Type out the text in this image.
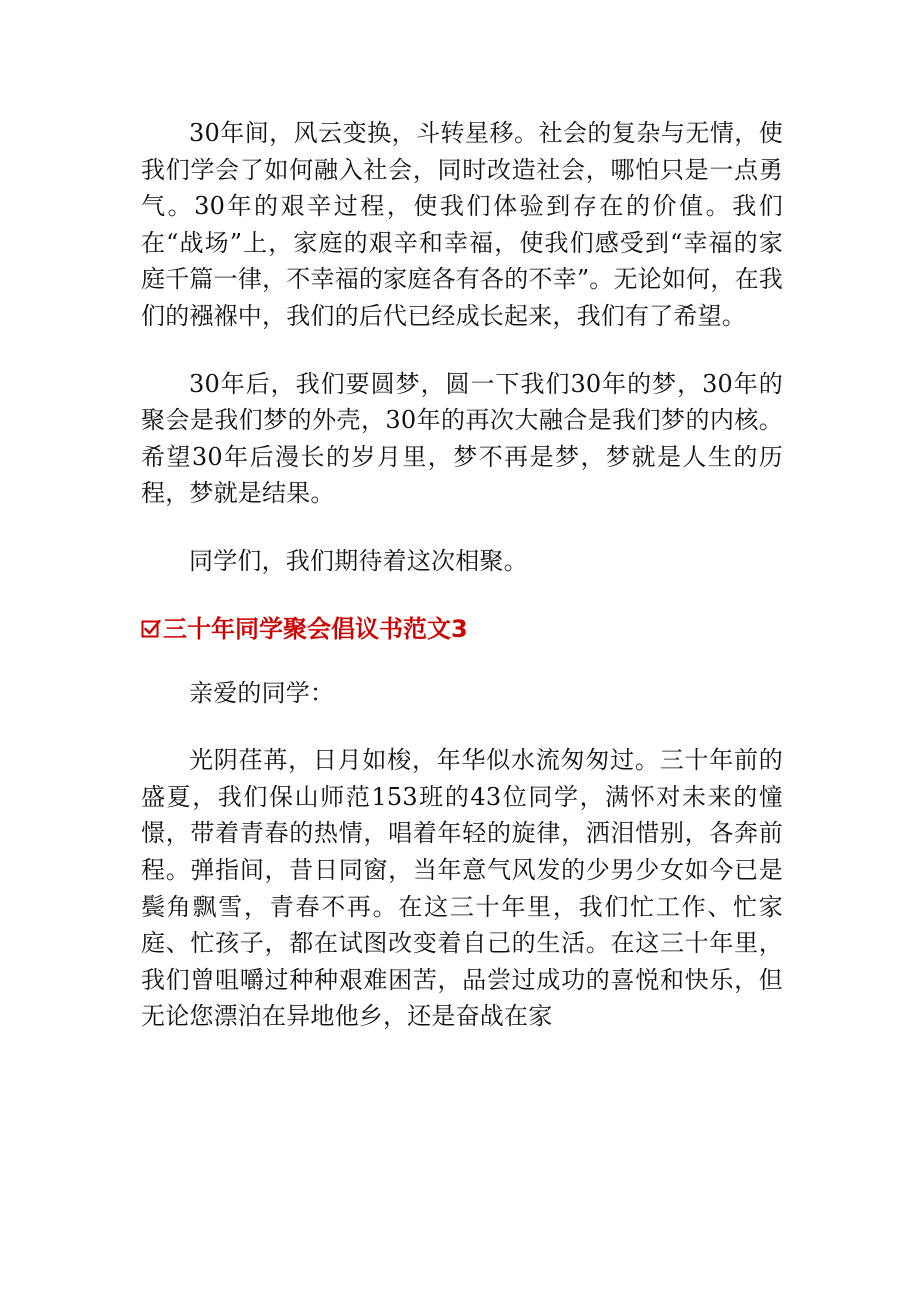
30年间，风云变换，斗转星移。社会的复杂与无情，使我们学会了如何融入社会，同时改造社会，哪怕只是一点勇气。30年的艰辛过程，使我们体验到存在的价值。我们在“战场”上，家庭的艰辛和幸福，使我们感受到“幸福的家庭千篇一律，不幸福的家庭各有各的不幸”。无论如何，在我们的襁褓中，我们的后代已经成长起来，我们有了希望。

30年后，我们要圆梦，圆一下我们30年的梦，30年的聚会是我们梦的外壳，30年的再次大融合是我们梦的内核。希望30年后漫长的岁月里，梦不再是梦，梦就是人生的历程，梦就是结果。

同学们，我们期待着这次相聚。

三十年同学聚会倡议书范文3

亲爱的同学：

光阴荏苒，日月如梭，年华似水流匆匆过。三十年前的盛夏，我们保山师范153班的43位同学，满怀对未来的憧憬，带着青春的热情，唱着年轻的旋律，洒泪惜别，各奔前程。弹指间，昔日同窗，当年意气风发的少男少女如今已是鬓角飘雪，青春不再。在这三十年里，我们忙工作、忙家庭、忙孩子，都在试图改变着自己的生活。在这三十年里，我们曾咀嚼过种种艰难困苦，品尝过成功的喜悦和快乐，但无论您漂泊在异地他乡，还是奋战在家
